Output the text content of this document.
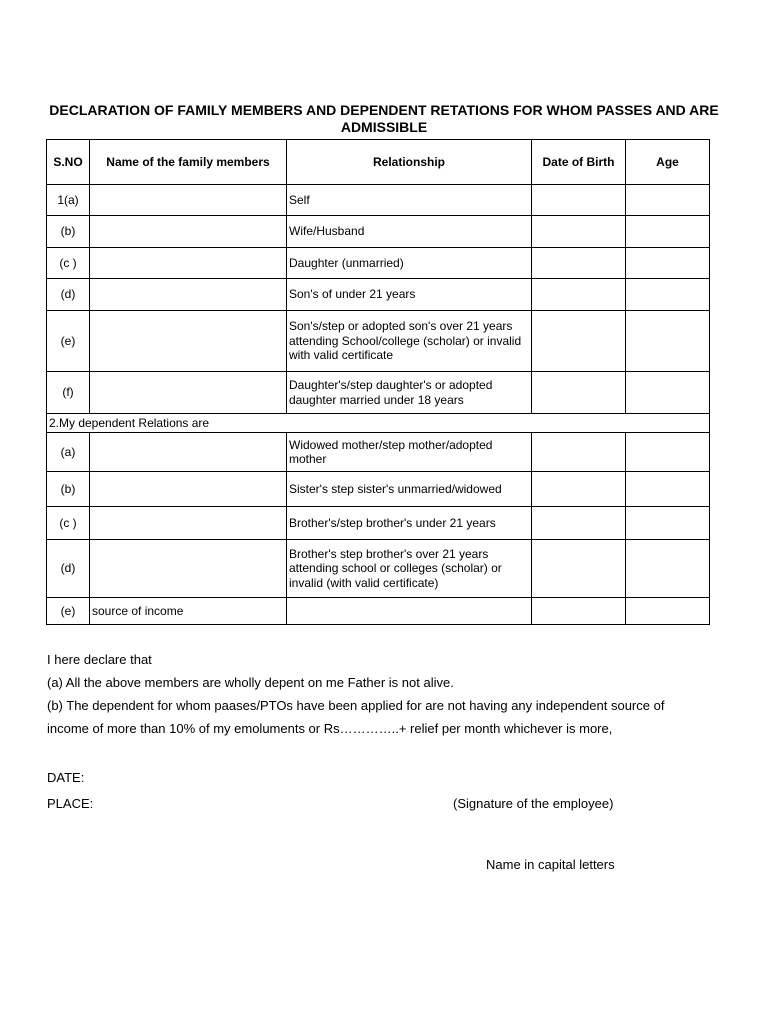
DECLARATION OF FAMILY MEMBERS AND DEPENDENT RETATIONS FOR WHOM PASSES AND ARE ADMISSIBLE
S.NO	Name of the family members	Relationship	Date of Birth	Age
1(a)		Self		
(b)		Wife/Husband		
(c )		Daughter (unmarried)		
(d)		Son's of under 21 years		
(e)		Son's/step or adopted son's over 21 years attending School/college (scholar) or invalid with valid certificate		
(f)		Daughter's/step daughter's or adopted daughter married under 18 years		
2.My dependent Relations are				
(a)		Widowed mother/step mother/adopted mother		
(b)		Sister's step sister's unmarried/widowed		
(c )		Brother's/step brother's under 21 years		
(d)		Brother's step brother's over 21 years attending school or colleges (scholar) or invalid (with valid certificate)		
(e)	source of income			
I here declare that
(a) All the above members are wholly depent on me Father is not alive.
(b) The dependent for whom paases/PTOs have been applied for are not having any independent source of income of more than 10% of my emoluments or Rs…………..+ relief per month whichever is more,
DATE:
PLACE:	(Signature of the employee)
Name in capital letters
